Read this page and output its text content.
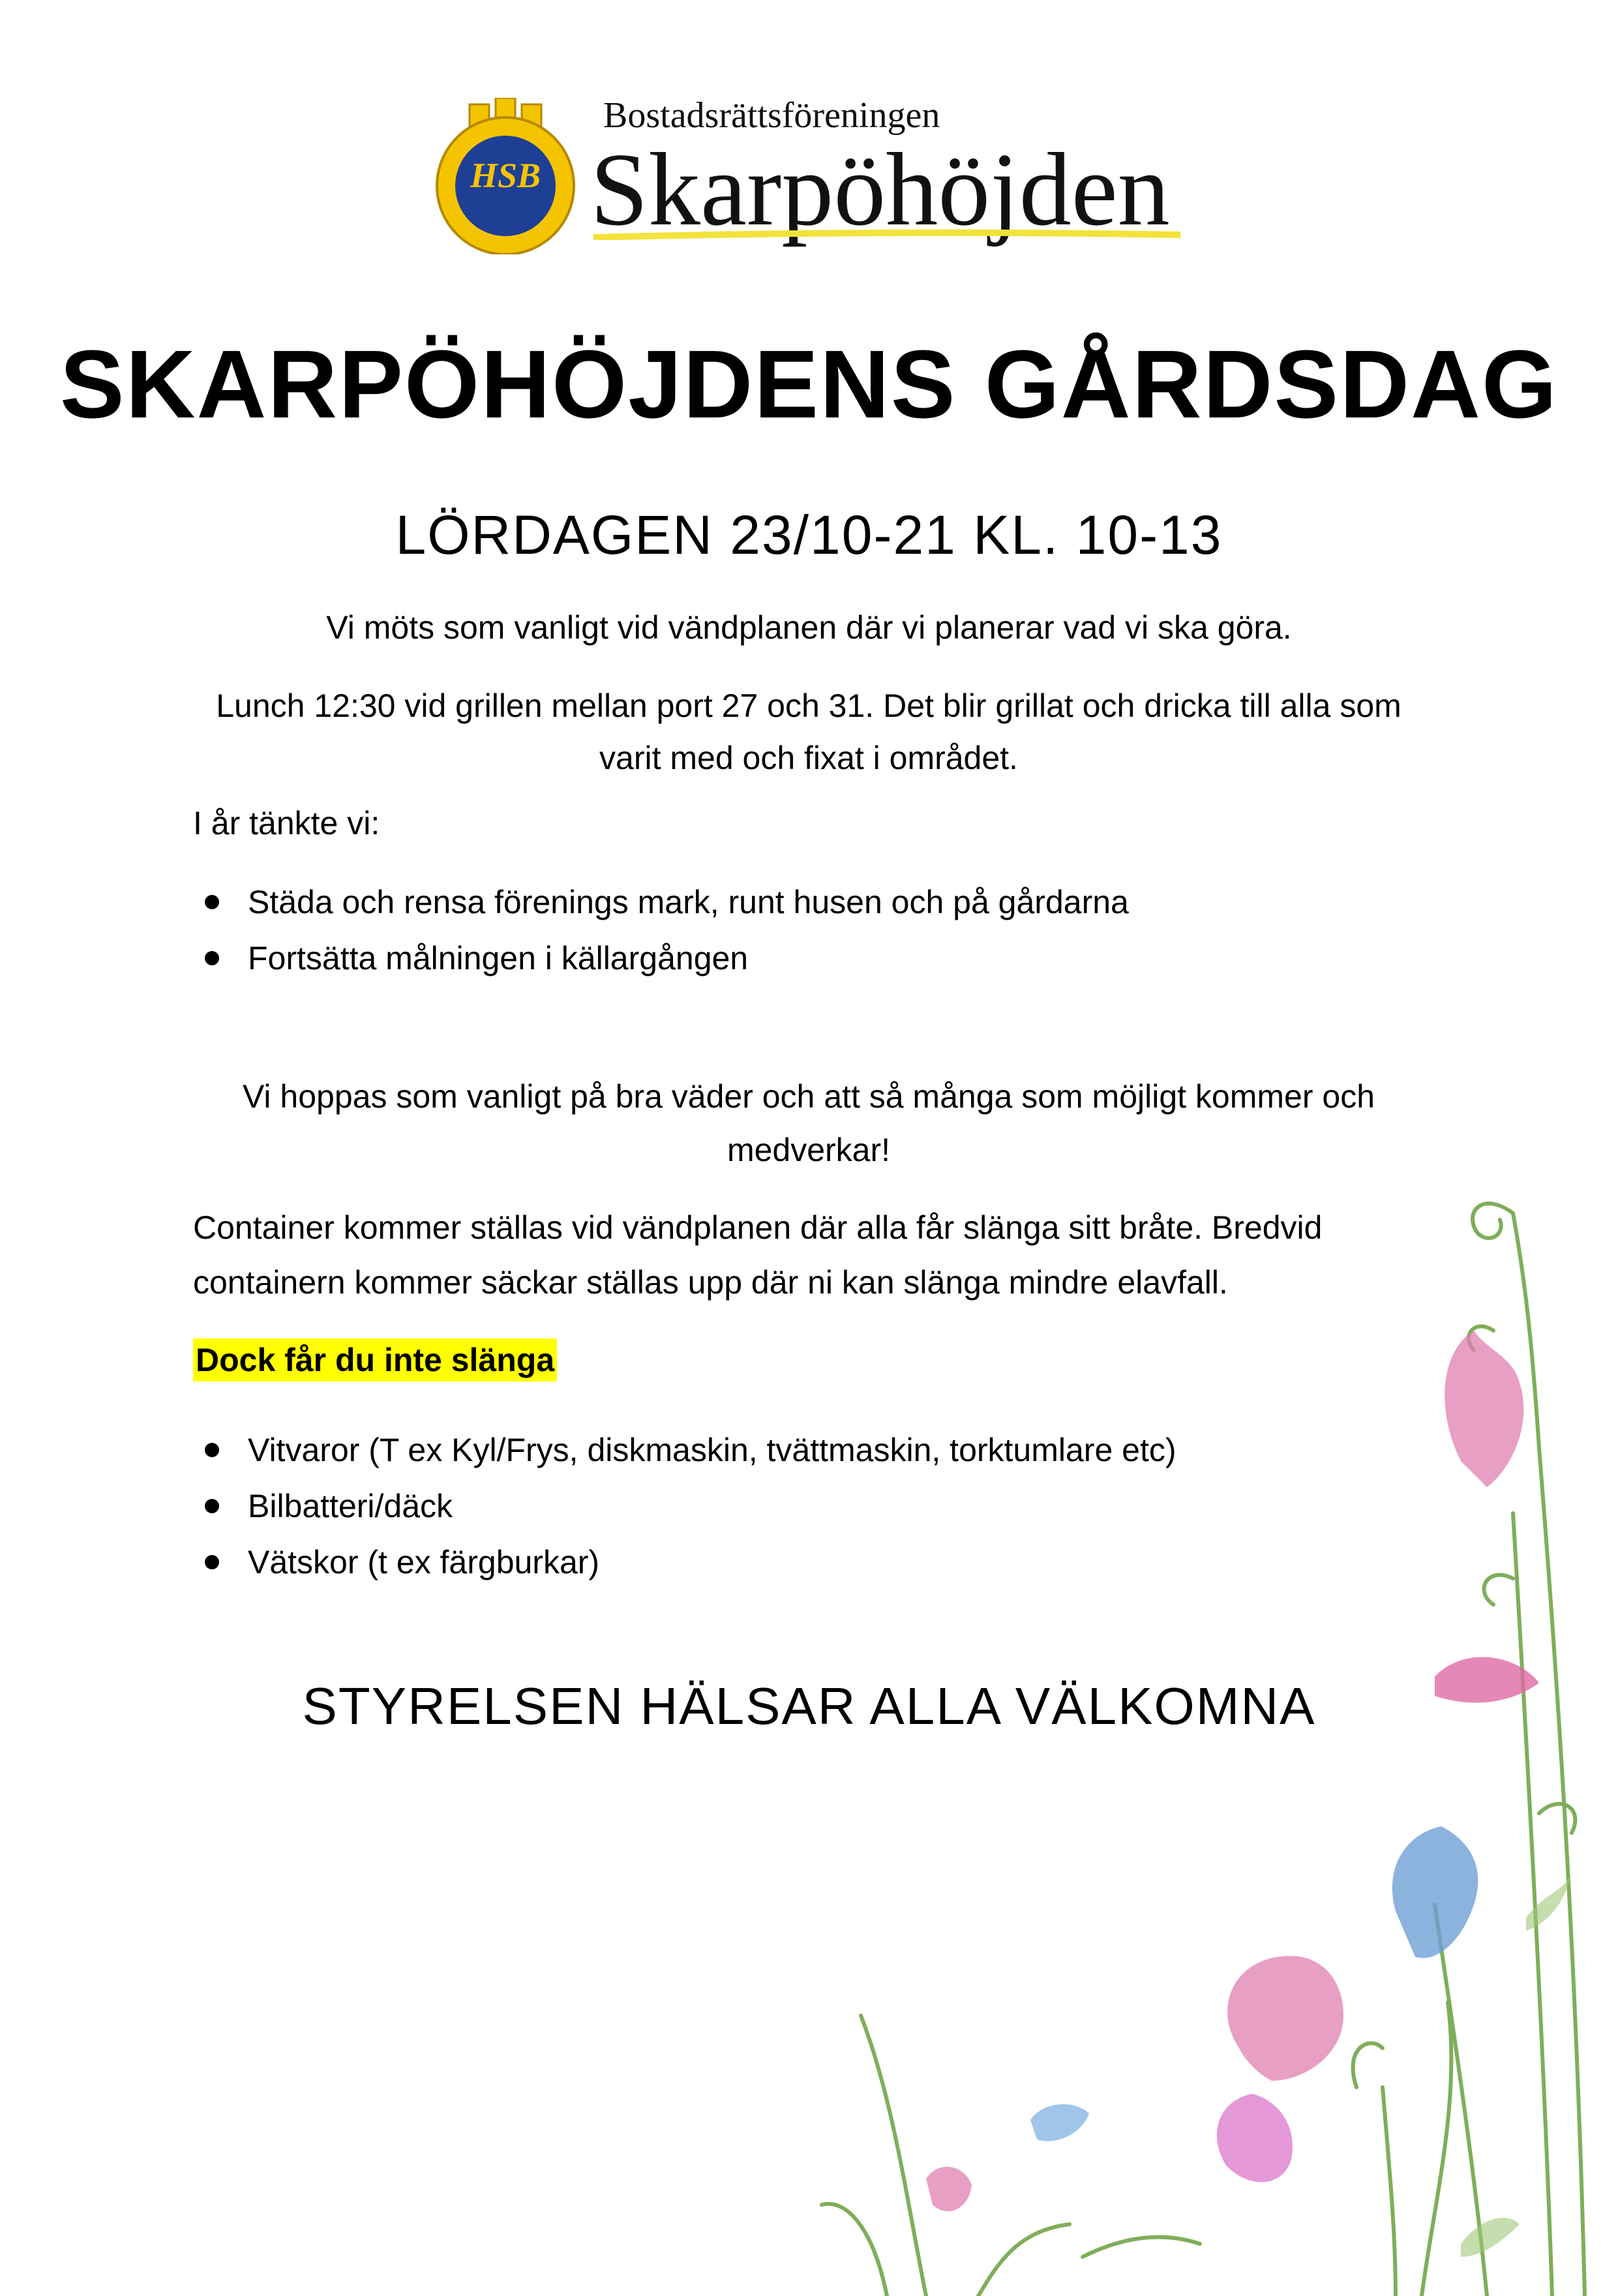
HSB
Bostadsrättsföreningen
Skarpöhöjden
SKARPÖHÖJDENS GÅRDSDAG
LÖRDAGEN 23/10-21 KL. 10-13
Vi möts som vanligt vid vändplanen där vi planerar vad vi ska göra.
Lunch 12:30 vid grillen mellan port 27 och 31. Det blir grillat och dricka till alla som varit med och fixat i området.
I år tänkte vi:
Städa och rensa förenings mark, runt husen och på gårdarna
Fortsätta målningen i källargången
Vi hoppas som vanligt på bra väder och att så många som möjligt kommer och medverkar!
Container kommer ställas vid vändplanen där alla får slänga sitt bråte. Bredvid containern kommer säckar ställas upp där ni kan slänga mindre elavfall.
Dock får du inte slänga
Vitvaror (T ex Kyl/Frys, diskmaskin, tvättmaskin, torktumlare etc)
Bilbatteri/däck
Vätskor (t ex färgburkar)
STYRELSEN HÄLSAR ALLA VÄLKOMNA
